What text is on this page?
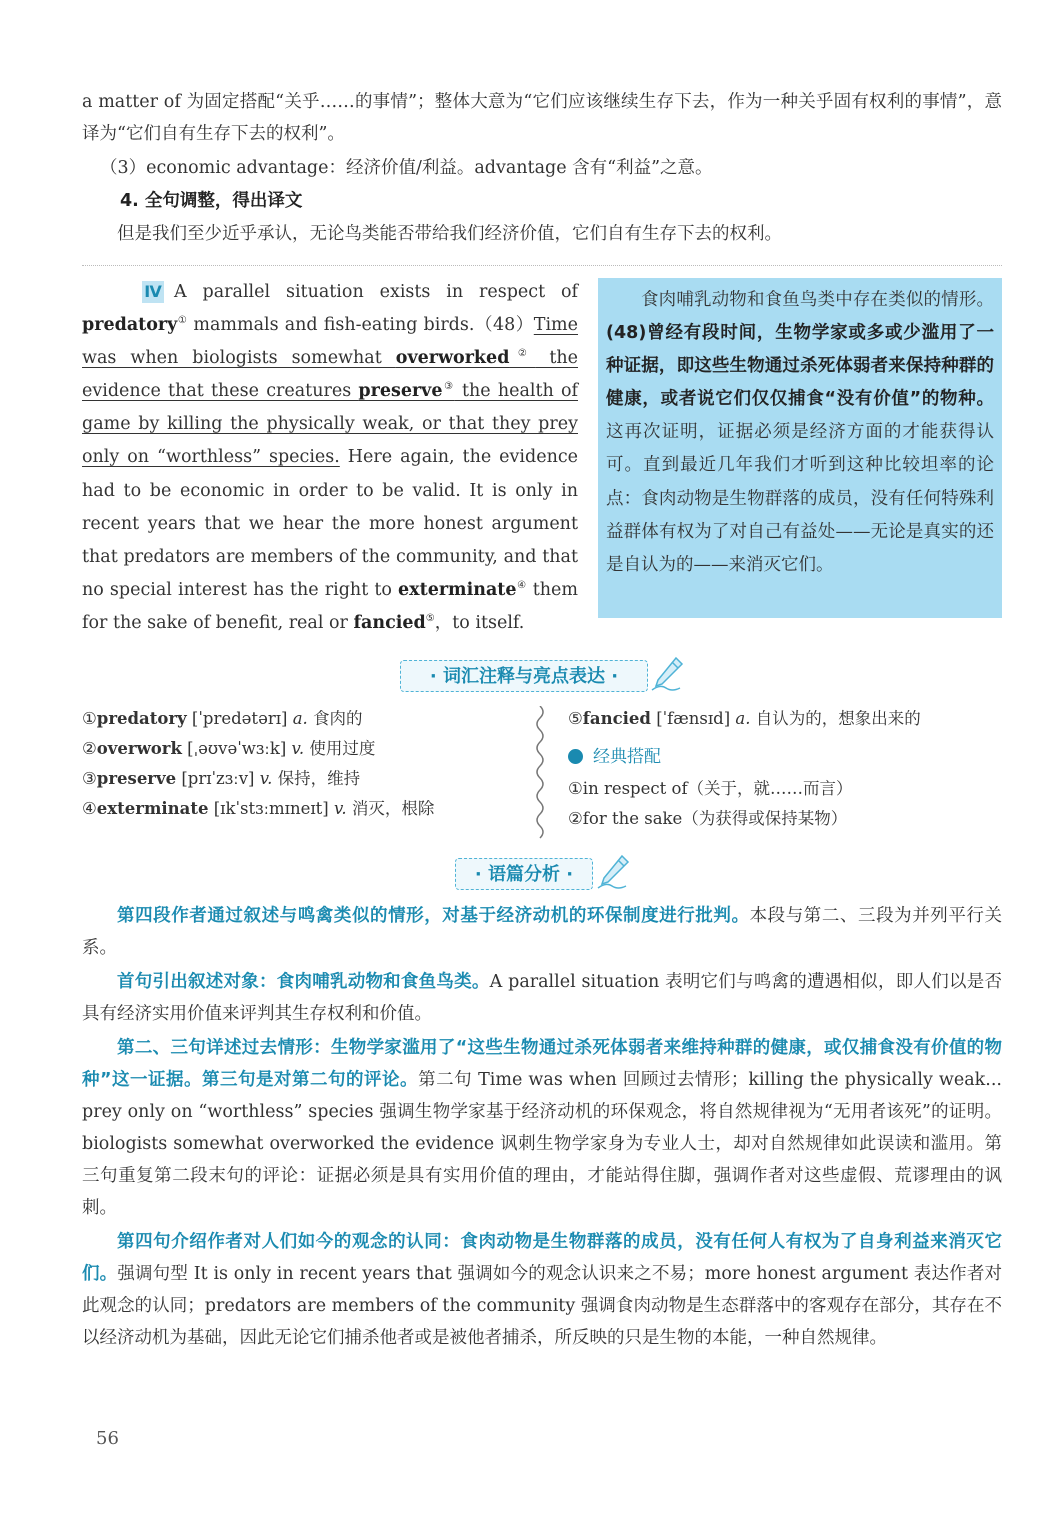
a matter of 为固定搭配“关乎……的事情”；整体大意为“它们应该继续生存下去，作为一种关乎固有权利的事情”，意译为“它们自有生存下去的权利”。

（3）economic advantage：经济价值/利益。advantage 含有“利益”之意。

4. 全句调整，得出译文

但是我们至少近乎承认，无论鸟类能否带给我们经济价值，它们自有生存下去的权利。

Ⅳ A parallel situation exists in respect of predatory① mammals and fish-eating birds.（48）Time was when biologists somewhat overworked② the evidence that these creatures preserve③ the health of game by killing the physically weak, or that they prey only on “worthless” species. Here again, the evidence had to be economic in order to be valid. It is only in recent years that we hear the more honest argument that predators are members of the community, and that no special interest has the right to exterminate④ them for the sake of benefit, real or fancied⑤，to itself.

食肉哺乳动物和食鱼鸟类中存在类似的情形。(48)曾经有段时间，生物学家或多或少滥用了一种证据，即这些生物通过杀死体弱者来保持种群的健康，或者说它们仅仅捕食“没有价值”的物种。这再次证明，证据必须是经济方面的才能获得认可。直到最近几年我们才听到这种比较坦率的论点：食肉动物是生物群落的成员，没有任何特殊利益群体有权为了对自己有益处——无论是真实的还是自认为的——来消灭它们。

· 词汇注释与亮点表达 ·
①predatory [ˈpredətərɪ] a. 食肉的
②overwork [ˌəʊvəˈwɜːk] v. 使用过度
③preserve [prɪˈzɜːv] v. 保持，维持
④exterminate [ɪkˈstɜːmɪneɪt] v. 消灭，根除
⑤fancied [ˈfænsɪd] a. 自认为的，想象出来的
经典搭配
①in respect of（关于，就……而言）
②for the sake（为获得或保持某物）
· 语篇分析 ·

第四段作者通过叙述与鸣禽类似的情形，对基于经济动机的环保制度进行批判。本段与第二、三段为并列平行关系。

首句引出叙述对象：食肉哺乳动物和食鱼鸟类。A parallel situation 表明它们与鸣禽的遭遇相似，即人们以是否具有经济实用价值来评判其生存权利和价值。

第二、三句详述过去情形：生物学家滥用了“这些生物通过杀死体弱者来维持种群的健康，或仅捕食没有价值的物种”这一证据。第三句是对第二句的评论。第二句 Time was when 回顾过去情形；killing the physically weak... prey only on “worthless” species 强调生物学家基于经济动机的环保观念，将自然规律视为“无用者该死”的证明。biologists somewhat overworked the evidence 讽刺生物学家身为专业人士，却对自然规律如此误读和滥用。第三句重复第二段末句的评论：证据必须是具有实用价值的理由，才能站得住脚，强调作者对这些虚假、荒谬理由的讽刺。

第四句介绍作者对人们如今的观念的认同：食肉动物是生物群落的成员，没有任何人有权为了自身利益来消灭它们。强调句型 It is only in recent years that 强调如今的观念认识来之不易；more honest argument 表达作者对此观念的认同；predators are members of the community 强调食肉动物是生态群落中的客观存在部分，其存在不以经济动机为基础，因此无论它们捕杀他者或是被他者捕杀，所反映的只是生物的本能，一种自然规律。

56
